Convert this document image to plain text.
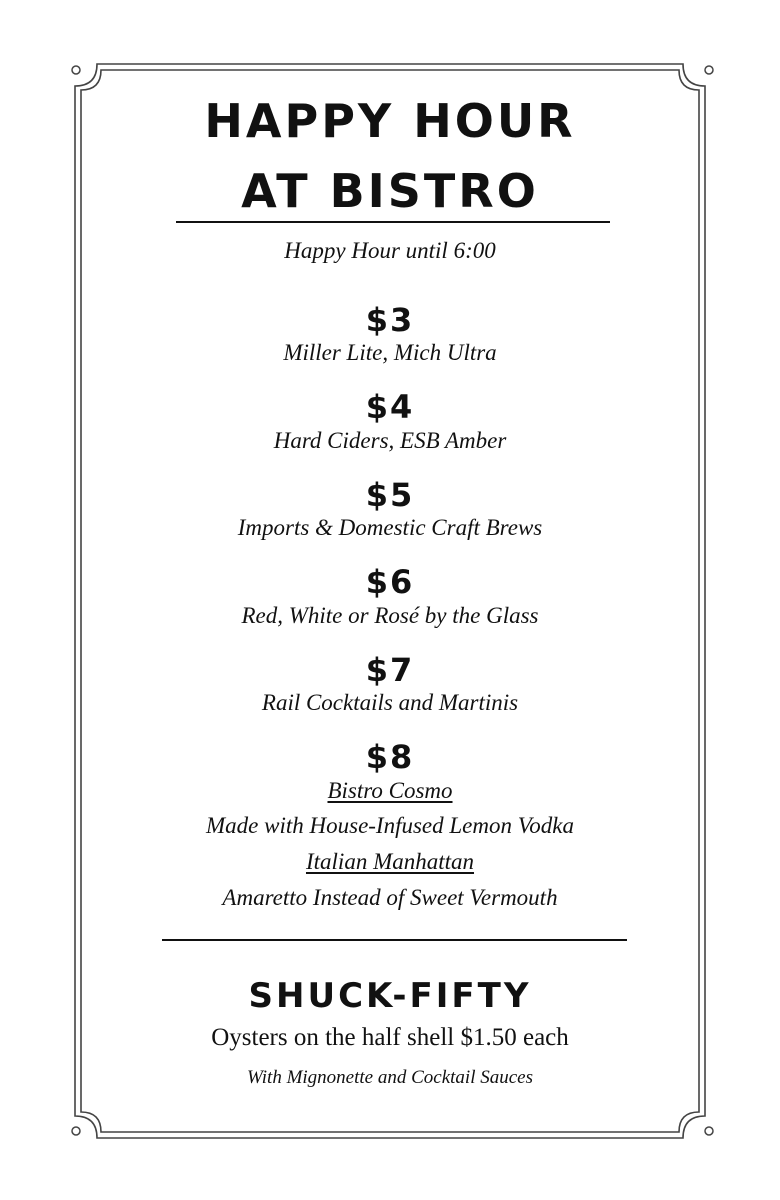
HAPPY HOUR
AT BISTRO
Happy Hour until 6:00
$3
Miller Lite, Mich Ultra
$4
Hard Ciders, ESB Amber
$5
Imports & Domestic Craft Brews
$6
Red, White or Rosé by the Glass
$7
Rail Cocktails and Martinis
$8
Bistro Cosmo
Made with House-Infused Lemon Vodka
Italian Manhattan
Amaretto Instead of Sweet Vermouth
SHUCK-FIFTY
Oysters on the half shell $1.50 each
With Mignonette and Cocktail Sauces
